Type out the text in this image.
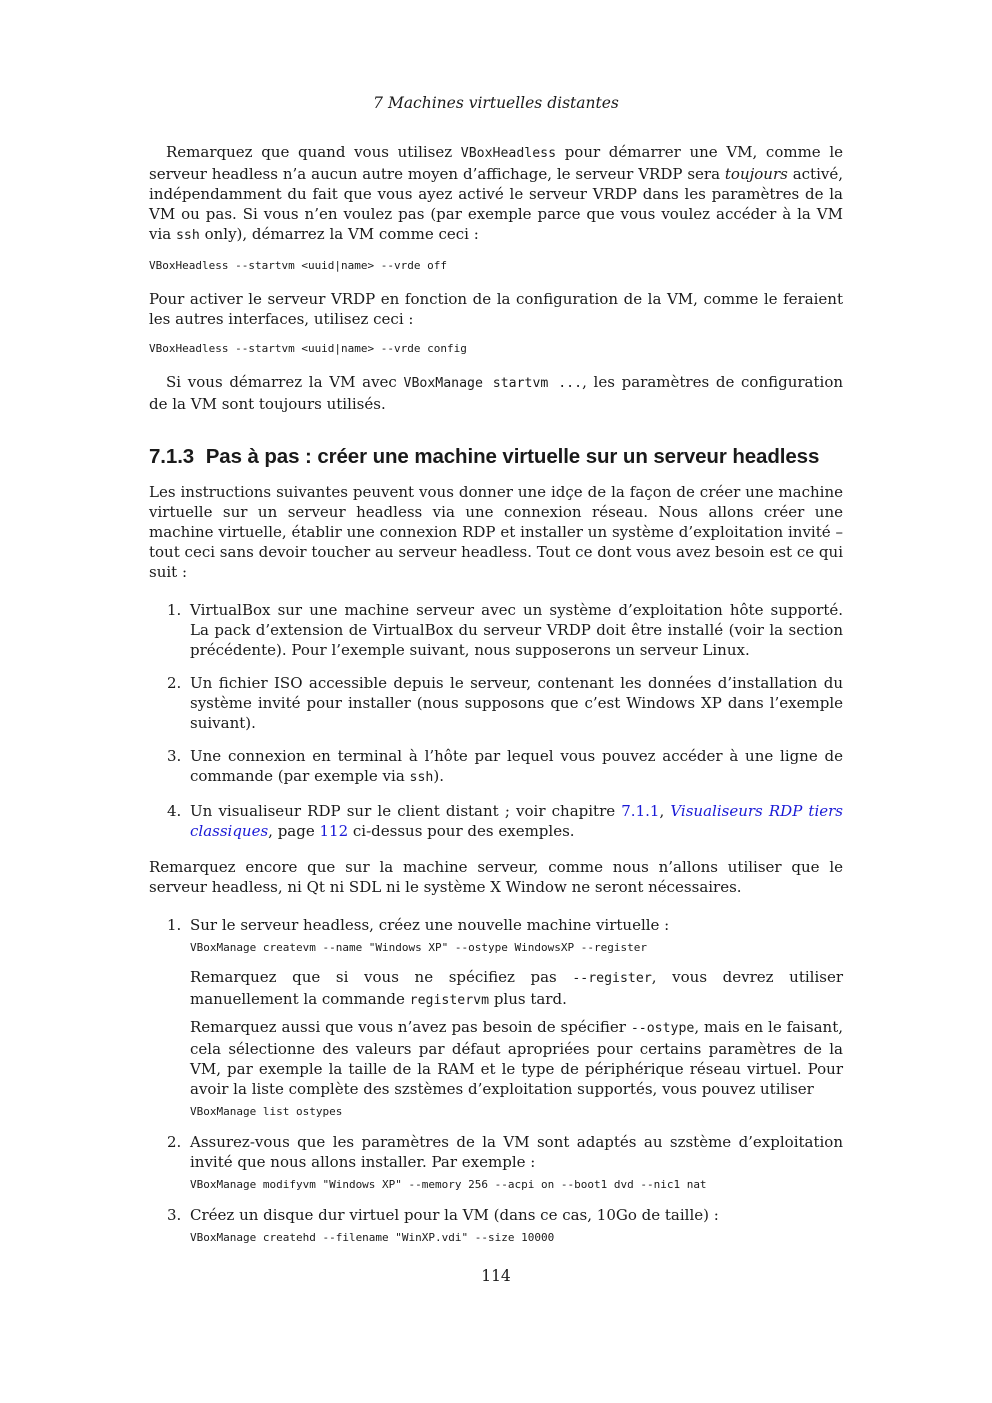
7 Machines virtuelles distantes

Remarquez que quand vous utilisez VBoxHeadless pour démarrer une VM, comme le serveur headless n’a aucun autre moyen d’affichage, le serveur VRDP sera toujours activé, indépendamment du fait que vous ayez activé le serveur VRDP dans les paramètres de la VM ou pas. Si vous n’en voulez pas (par exemple parce que vous voulez accéder à la VM via ssh only), démarrez la VM comme ceci :

VBoxHeadless --startvm <uuid|name> --vrde off

Pour activer le serveur VRDP en fonction de la configuration de la VM, comme le feraient les autres interfaces, utilisez ceci :

VBoxHeadless --startvm <uuid|name> --vrde config

Si vous démarrez la VM avec VBoxManage startvm ..., les paramètres de configuration de la VM sont toujours utilisés.

7.1.3 Pas à pas : créer une machine virtuelle sur un serveur headless

Les instructions suivantes peuvent vous donner une idçe de la façon de créer une machine virtuelle sur un serveur headless via une connexion réseau. Nous allons créer une machine virtuelle, établir une connexion RDP et installer un système d’exploitation invité – tout ceci sans devoir toucher au serveur headless. Tout ce dont vous avez besoin est ce qui suit :

1. VirtualBox sur une machine serveur avec un système d’exploitation hôte supporté. La pack d’extension de VirtualBox du serveur VRDP doit être installé (voir la section précédente). Pour l’exemple suivant, nous supposerons un serveur Linux.
2. Un fichier ISO accessible depuis le serveur, contenant les données d’installation du système invité pour installer (nous supposons que c’est Windows XP dans l’exemple suivant).
3. Une connexion en terminal à l’hôte par lequel vous pouvez accéder à une ligne de commande (par exemple via ssh).
4. Un visualiseur RDP sur le client distant ; voir chapitre 7.1.1, Visualiseurs RDP tiers classiques, page 112 ci-dessus pour des exemples.

Remarquez encore que sur la machine serveur, comme nous n’allons utiliser que le serveur headless, ni Qt ni SDL ni le système X Window ne seront nécessaires.

1. Sur le serveur headless, créez une nouvelle machine virtuelle :

VBoxManage createvm --name "Windows XP" --ostype WindowsXP --register

Remarquez que si vous ne spécifiez pas --register, vous devrez utiliser manuellement la commande registervm plus tard.

Remarquez aussi que vous n’avez pas besoin de spécifier --ostype, mais en le faisant, cela sélectionne des valeurs par défaut apropriées pour certains paramètres de la VM, par exemple la taille de la RAM et le type de périphérique réseau virtuel. Pour avoir la liste complète des szstèmes d’exploitation supportés, vous pouvez utiliser

VBoxManage list ostypes
2. Assurez-vous que les paramètres de la VM sont adaptés au szstème d’exploitation invité que nous allons installer. Par exemple :

VBoxManage modifyvm "Windows XP" --memory 256 --acpi on --boot1 dvd --nic1 nat
3. Créez un disque dur virtuel pour la VM (dans ce cas, 10Go de taille) :

VBoxManage createhd --filename "WinXP.vdi" --size 10000
114
